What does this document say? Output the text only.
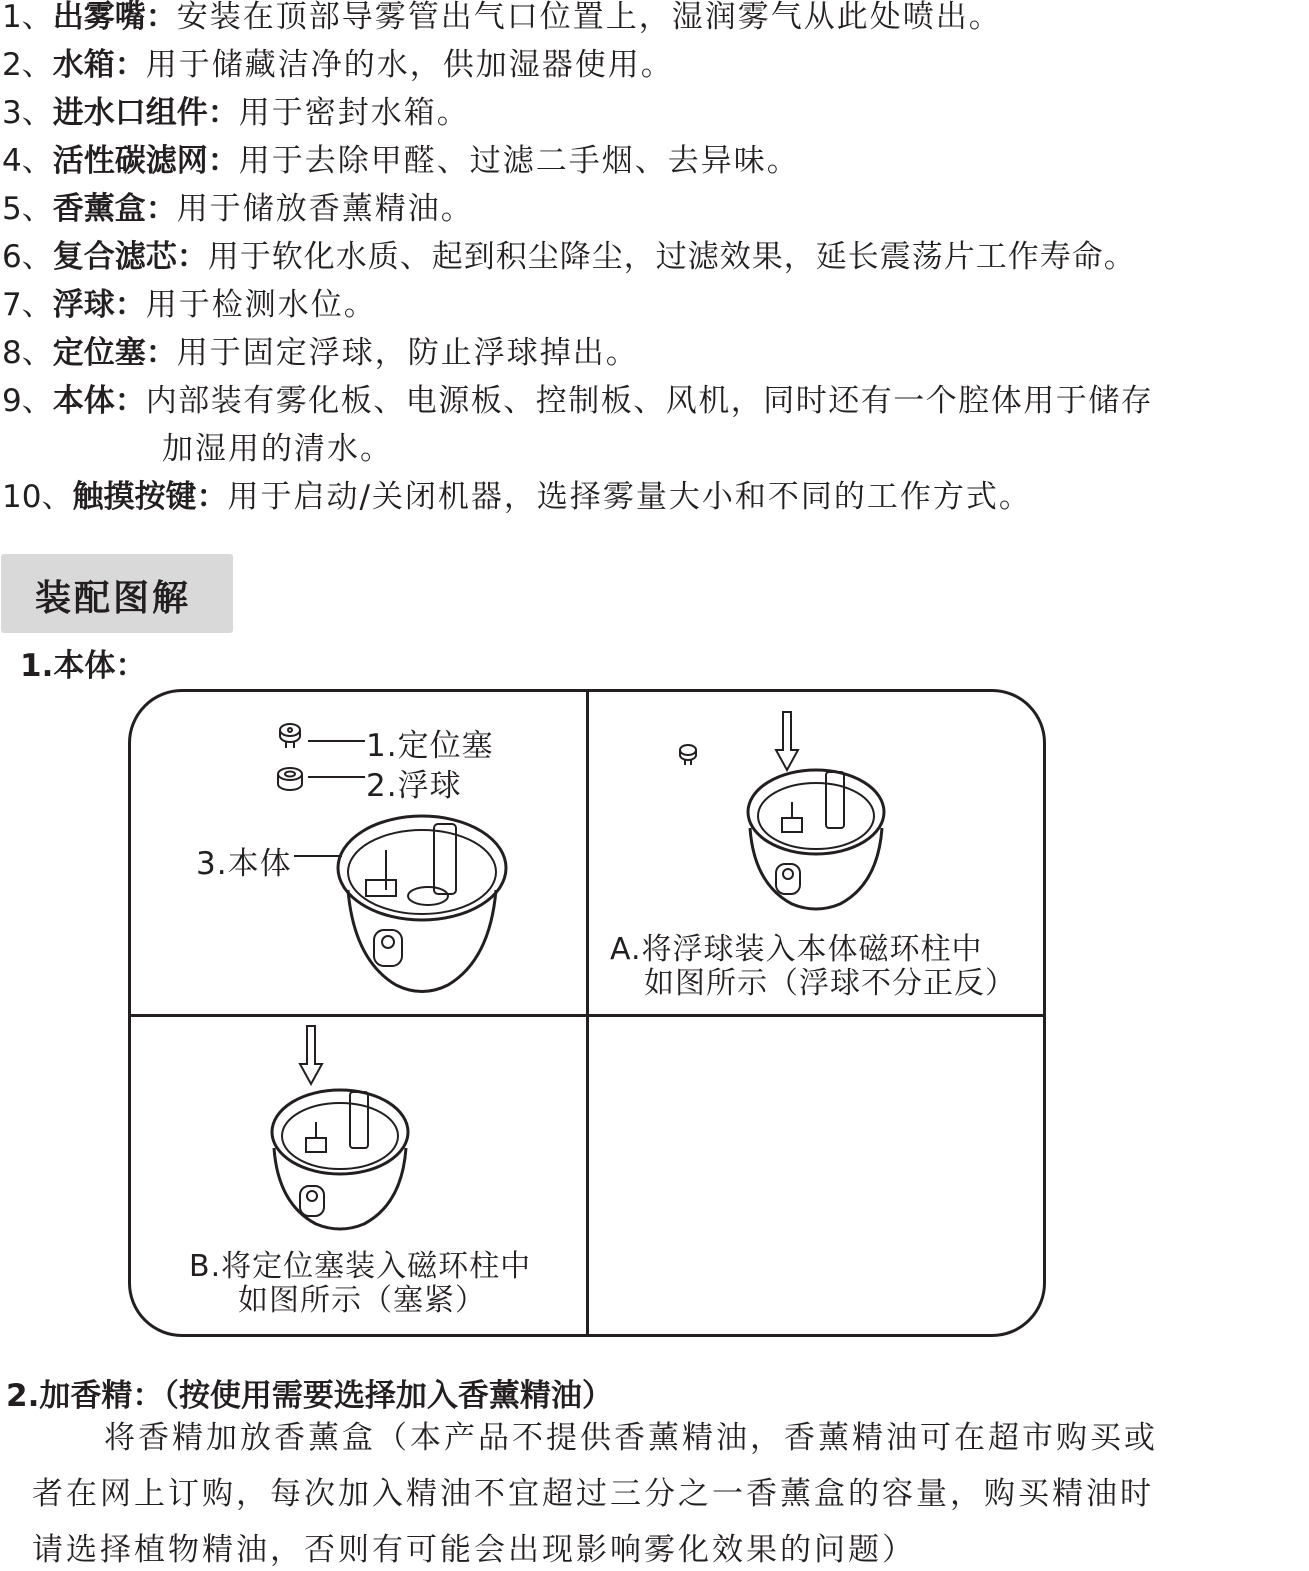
1、出雾嘴：安装在顶部导雾管出气口位置上，湿润雾气从此处喷出。
2、水箱：用于储藏洁净的水，供加湿器使用。
3、进水口组件：用于密封水箱。
4、活性碳滤网：用于去除甲醛、过滤二手烟、去异味。
5、香薰盒：用于储放香薰精油。
6、复合滤芯：用于软化水质、起到积尘降尘，过滤效果，延长震荡片工作寿命。
7、浮球：用于检测水位。
8、定位塞：用于固定浮球，防止浮球掉出。
9、本体：内部装有雾化板、电源板、控制板、风机，同时还有一个腔体用于储存
加湿用的清水。
10、触摸按键：用于启动/关闭机器，选择雾量大小和不同的工作方式。
装配图解
1.本体：
1.定位塞
2.浮球
3.本体
A.将浮球装入本体磁环柱中
如图所示（浮球不分正反）
B.将定位塞装入磁环柱中
如图所示（塞紧）
2.加香精：（按使用需要选择加入香薰精油）
将香精加放香薰盒（本产品不提供香薰精油，香薰精油可在超市购买或
者在网上订购，每次加入精油不宜超过三分之一香薰盒的容量，购买精油时
请选择植物精油，否则有可能会出现影响雾化效果的问题）
